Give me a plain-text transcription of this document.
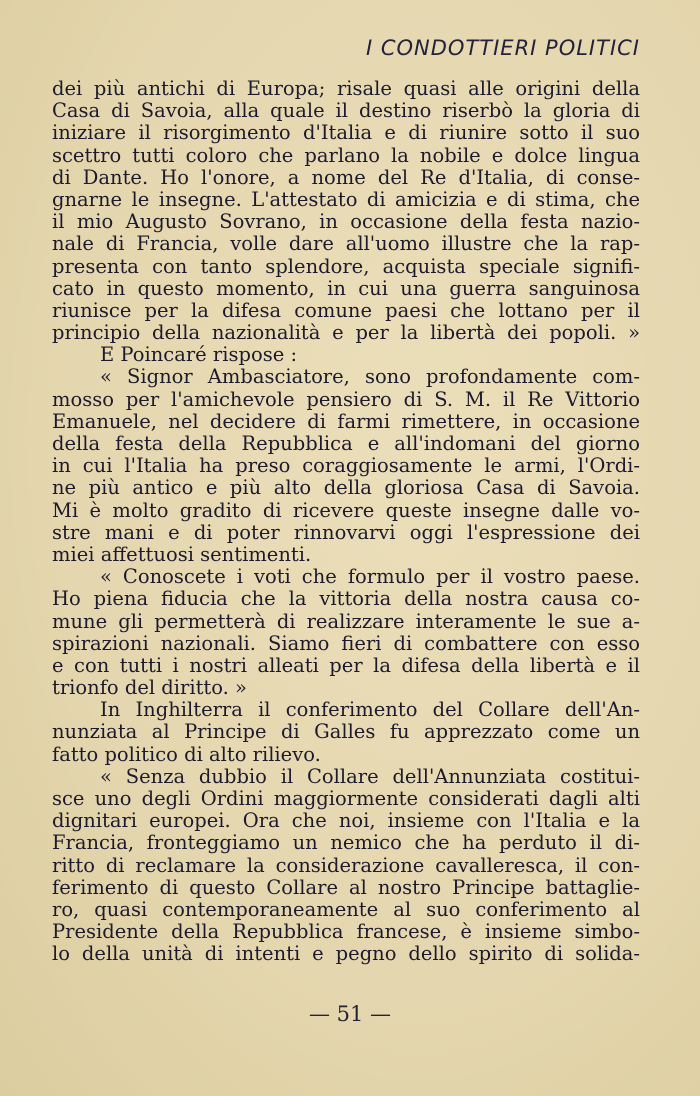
I CONDOTTIERI POLITICI
dei più antichi di Europa; risale quasi alle origini della
Casa di Savoia, alla quale il destino riserbò la gloria di
iniziare il risorgimento d'Italia e di riunire sotto il suo
scettro tutti coloro che parlano la nobile e dolce lingua
di Dante. Ho l'onore, a nome del Re d'Italia, di conse-
gnarne le insegne. L'attestato di amicizia e di stima, che
il mio Augusto Sovrano, in occasione della festa nazio-
nale di Francia, volle dare all'uomo illustre che la rap-
presenta con tanto splendore, acquista speciale signifi-
cato in questo momento, in cui una guerra sanguinosa
riunisce per la difesa comune paesi che lottano per il
principio della nazionalità e per la libertà dei popoli. »
E Poincaré rispose :
« Signor Ambasciatore, sono profondamente com-
mosso per l'amichevole pensiero di S. M. il Re Vittorio
Emanuele, nel decidere di farmi rimettere, in occasione
della festa della Repubblica e all'indomani del giorno
in cui l'Italia ha preso coraggiosamente le armi, l'Ordi-
ne più antico e più alto della gloriosa Casa di Savoia.
Mi è molto gradito di ricevere queste insegne dalle vo-
stre mani e di poter rinnovarvi oggi l'espressione dei
miei affettuosi sentimenti.
« Conoscete i voti che formulo per il vostro paese.
Ho piena fiducia che la vittoria della nostra causa co-
mune gli permetterà di realizzare interamente le sue a-
spirazioni nazionali. Siamo fieri di combattere con esso
e con tutti i nostri alleati per la difesa della libertà e il
trionfo del diritto. »
In Inghilterra il conferimento del Collare dell'An-
nunziata al Principe di Galles fu apprezzato come un
fatto politico di alto rilievo.
« Senza dubbio il Collare dell'Annunziata costitui-
sce uno degli Ordini maggiormente considerati dagli alti
dignitari europei. Ora che noi, insieme con l'Italia e la
Francia, fronteggiamo un nemico che ha perduto il di-
ritto di reclamare la considerazione cavalleresca, il con-
ferimento di questo Collare al nostro Principe battaglie-
ro, quasi contemporaneamente al suo conferimento al
Presidente della Repubblica francese, è insieme simbo-
lo della unità di intenti e pegno dello spirito di solida-
— 51 —
